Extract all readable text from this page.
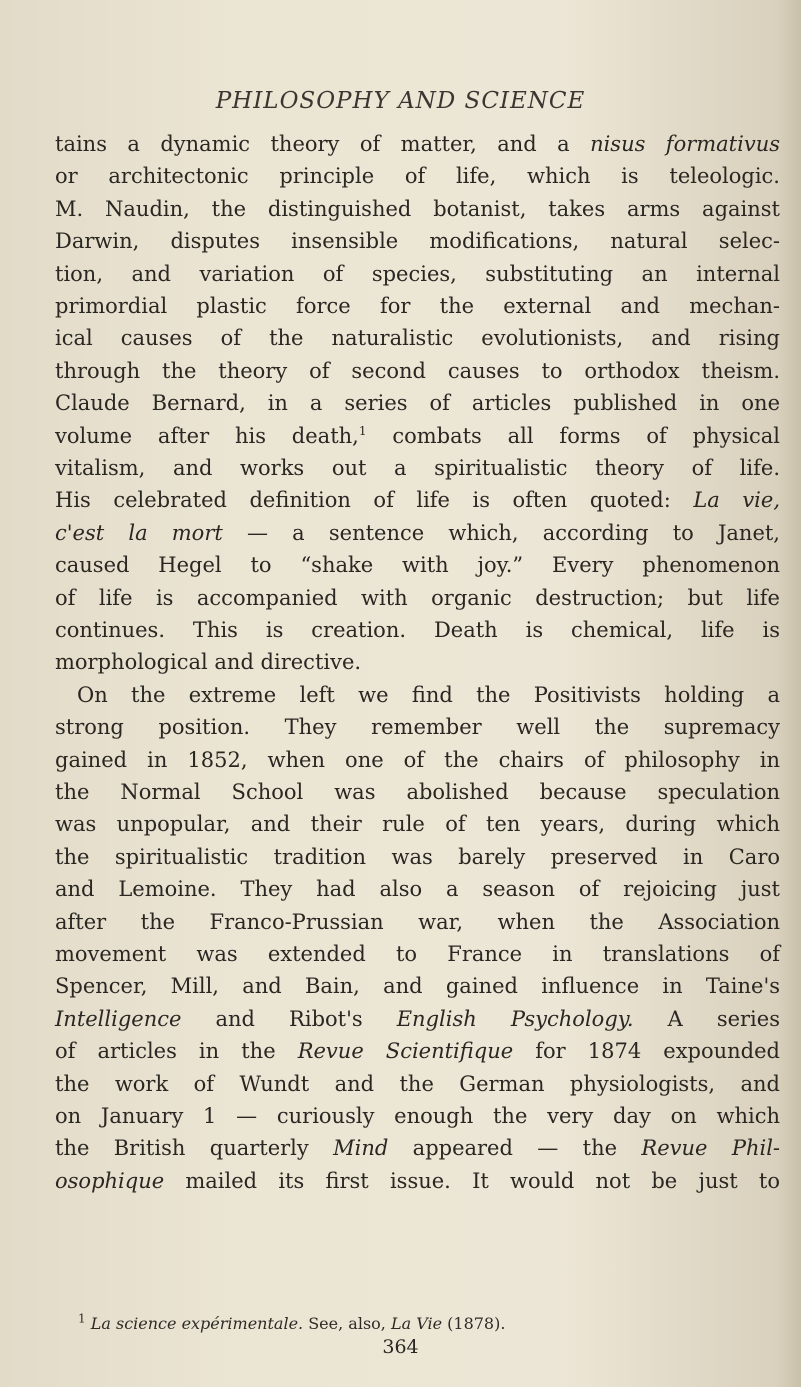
PHILOSOPHY AND SCIENCE
tains a dynamic theory of matter, and a nisus formativus
or architectonic principle of life, which is teleologic.
M. Naudin, the distinguished botanist, takes arms against
Darwin, disputes insensible modifications, natural selec-
tion, and variation of species, substituting an internal
primordial plastic force for the external and mechan-
ical causes of the naturalistic evolutionists, and rising
through the theory of second causes to orthodox theism.
Claude Bernard, in a series of articles published in one
volume after his death,$^1$ combats all forms of physical
vitalism, and works out a spiritualistic theory of life.
His celebrated definition of life is often quoted: La vie,
c'est la mort — a sentence which, according to Janet,
caused Hegel to “shake with joy.” Every phenomenon
of life is accompanied with organic destruction; but life
continues. This is creation. Death is chemical, life is
morphological and directive.
On the extreme left we find the Positivists holding a
strong position. They remember well the supremacy
gained in 1852, when one of the chairs of philosophy in
the Normal School was abolished because speculation
was unpopular, and their rule of ten years, during which
the spiritualistic tradition was barely preserved in Caro
and Lemoine. They had also a season of rejoicing just
after the Franco-Prussian war, when the Association
movement was extended to France in translations of
Spencer, Mill, and Bain, and gained influence in Taine's
Intelligence and Ribot's English Psychology. A series
of articles in the Revue Scientifique for 1874 expounded
the work of Wundt and the German physiologists, and
on January 1 — curiously enough the very day on which
the British quarterly Mind appeared — the Revue Phil-
osophique mailed its first issue. It would not be just to
$^1$ La science expérimentale. See, also, La Vie (1878).
364
